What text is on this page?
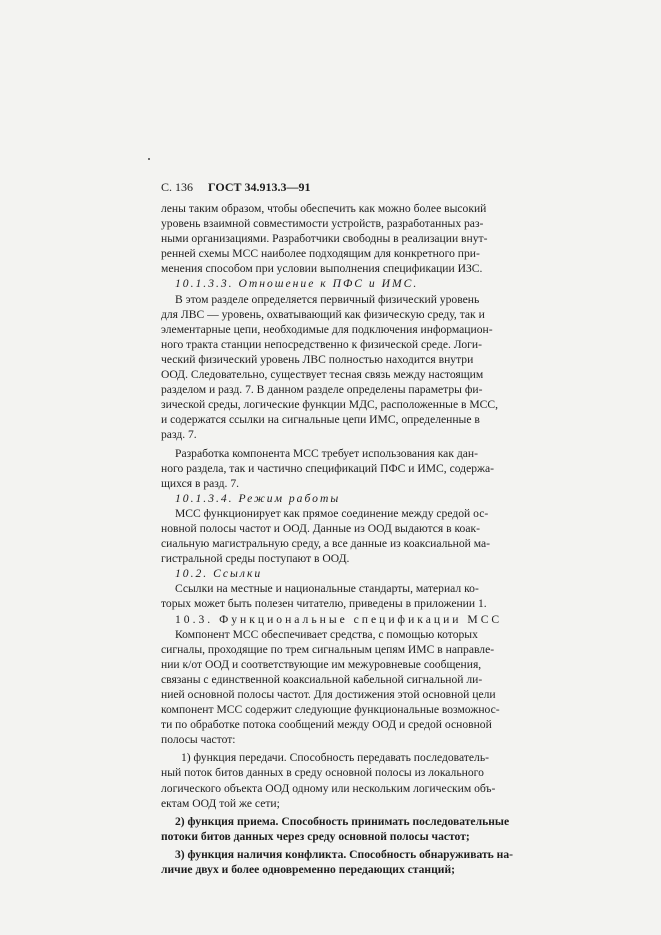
С. 136 ГОСТ 34.913.3—91
лены таким образом, чтобы обеспечить как можно более высокий
уровень взаимной совместимости устройств, разработанных раз-
ными организациями. Разработчики свободны в реализации внут-
ренней схемы МСС наиболее подходящим для конкретного при-
менения способом при условии выполнения спецификации ИЗС.
10.1.3.3. Отношение к ПФС и ИМС.
В этом разделе определяется первичный физический уровень
для ЛВС — уровень, охватывающий как физическую среду, так и
элементарные цепи, необходимые для подключения информацион-
ного тракта станции непосредственно к физической среде. Логи-
ческий физический уровень ЛВС полностью находится внутри
ООД. Следовательно, существует тесная связь между настоящим
разделом и разд. 7. В данном разделе определены параметры фи-
зической среды, логические функции МДС, расположенные в МСС,
и содержатся ссылки на сигнальные цепи ИМС, определенные в
разд. 7.
Разработка компонента МСС требует использования как дан-
ного раздела, так и частично спецификаций ПФС и ИМС, содержа-
щихся в разд. 7.
10.1.3.4. Режим работы
МСС функционирует как прямое соединение между средой ос-
новной полосы частот и ООД. Данные из ООД выдаются в коак-
сиальную магистральную среду, а все данные из коаксиальной ма-
гистральной среды поступают в ООД.
10.2. Ссылки
Ссылки на местные и национальные стандарты, материал ко-
торых может быть полезен читателю, приведены в приложении 1.
10.3. Функциональные спецификации МСС
Компонент МСС обеспечивает средства, с помощью которых
сигналы, проходящие по трем сигнальным цепям ИМС в направле-
нии к/от ООД и соответствующие им межуровневые сообщения,
связаны с единственной коаксиальной кабельной сигнальной ли-
нией основной полосы частот. Для достижения этой основной цели
компонент МСС содержит следующие функциональные возможнос-
ти по обработке потока сообщений между ООД и средой основной
полосы частот:
1) функция передачи. Способность передавать последователь-
ный поток битов данных в среду основной полосы из локального
логического объекта ООД одному или нескольким логическим объ-
ектам ООД той же сети;
2) функция приема. Способность принимать последовательные
потоки битов данных через среду основной полосы частот;
3) функция наличия конфликта. Способность обнаруживать на-
личие двух и более одновременно передающих станций;
